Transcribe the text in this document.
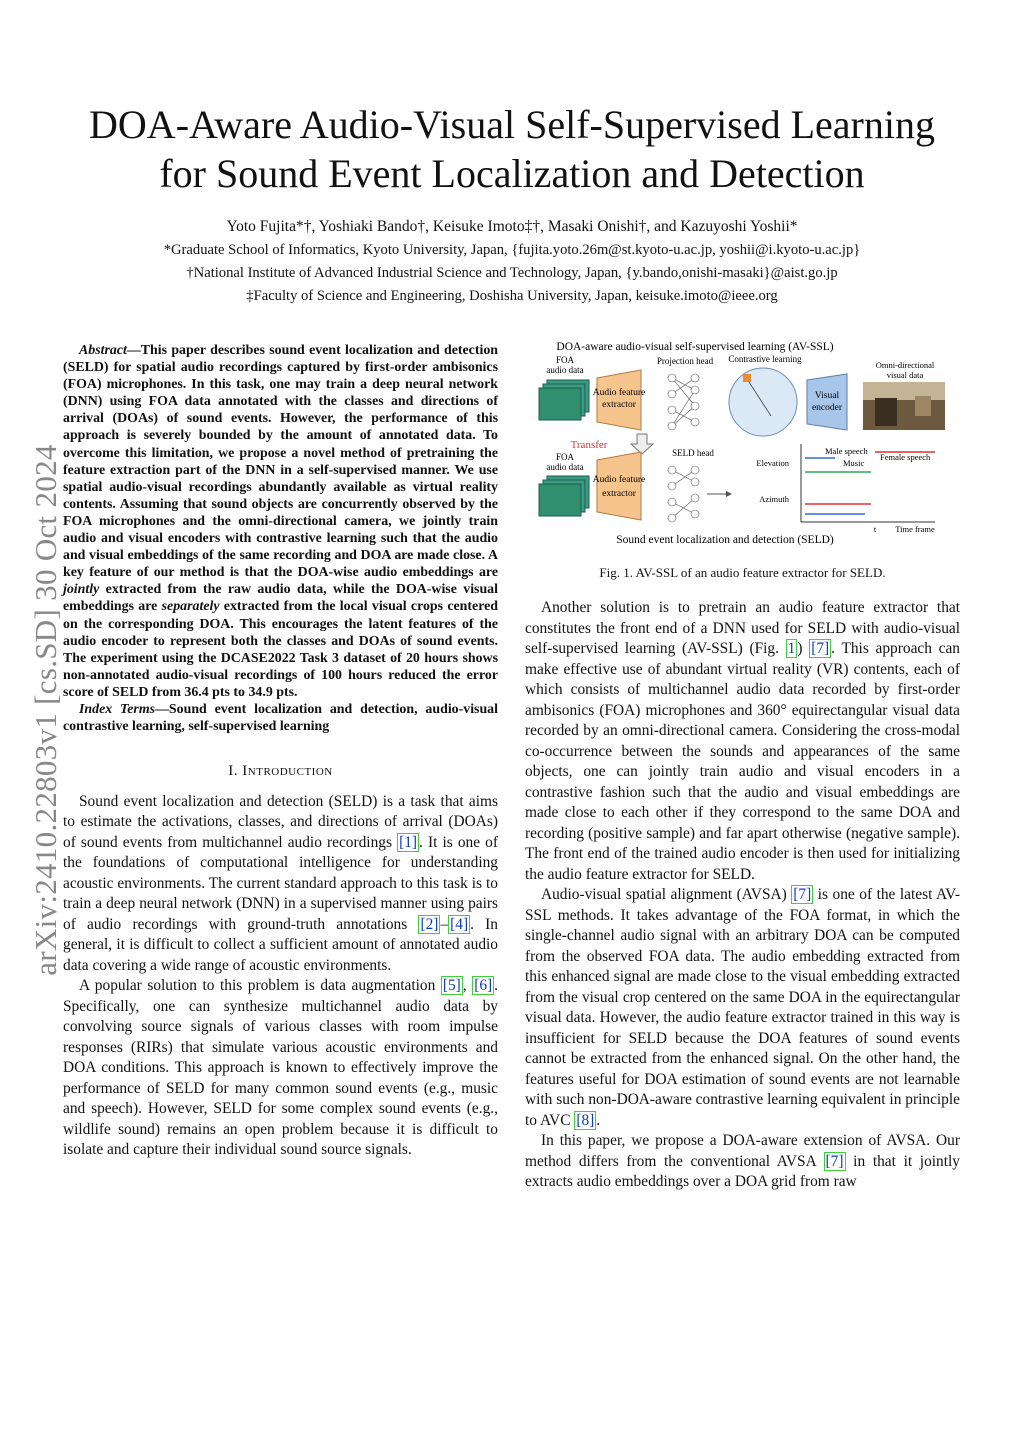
DOA-Aware Audio-Visual Self-Supervised Learning
for Sound Event Localization and Detection
Yoto Fujita*†, Yoshiaki Bando†, Keisuke Imoto‡†, Masaki Onishi†, and Kazuyoshi Yoshii*
*Graduate School of Informatics, Kyoto University, Japan, {fujita.yoto.26m@st.kyoto-u.ac.jp, yoshii@i.kyoto-u.ac.jp}
†National Institute of Advanced Industrial Science and Technology, Japan, {y.bando,onishi-masaki}@aist.go.jp
‡Faculty of Science and Engineering, Doshisha University, Japan, keisuke.imoto@ieee.org
arXiv:2410.22803v1 [cs.SD] 30 Oct 2024

Abstract—This paper describes sound event localization and detection (SELD) for spatial audio recordings captured by first-order ambisonics (FOA) microphones. In this task, one may train a deep neural network (DNN) using FOA data annotated with the classes and directions of arrival (DOAs) of sound events. However, the performance of this approach is severely bounded by the amount of annotated data. To overcome this limitation, we propose a novel method of pretraining the feature extraction part of the DNN in a self-supervised manner. We use spatial audio-visual recordings abundantly available as virtual reality contents. Assuming that sound objects are concurrently observed by the FOA microphones and the omni-directional camera, we jointly train audio and visual encoders with contrastive learning such that the audio and visual embeddings of the same recording and DOA are made close. A key feature of our method is that the DOA-wise audio embeddings are jointly extracted from the raw audio data, while the DOA-wise visual embeddings are separately extracted from the local visual crops centered on the corresponding DOA. This encourages the latent features of the audio encoder to represent both the classes and DOAs of sound events. The experiment using the DCASE2022 Task 3 dataset of 20 hours shows non-annotated audio-visual recordings of 100 hours reduced the error score of SELD from 36.4 pts to 34.9 pts.

Index Terms—Sound event localization and detection, audio-visual contrastive learning, self-supervised learning

I. Introduction

Sound event localization and detection (SELD) is a task that aims to estimate the activations, classes, and directions of arrival (DOAs) of sound events from multichannel audio recordings [1] . It is one of the foundations of computational intelligence for understanding acoustic environments. The current standard approach to this task is to train a deep neural network (DNN) in a supervised manner using pairs of audio recordings with ground-truth annotations [2] – [4] . In general, it is difficult to collect a sufficient amount of annotated audio data covering a wide range of acoustic environments.

A popular solution to this problem is data augmentation [5] , [6] . Specifically, one can synthesize multichannel audio data by convolving source signals of various classes with room impulse responses (RIRs) that simulate various acoustic environments and DOA conditions. This approach is known to effectively improve the performance of SELD for many common sound events (e.g., music and speech). However, SELD for some complex sound events (e.g., wildlife sound) remains an open problem because it is difficult to isolate and capture their individual sound source signals.

DOA-aware audio-visual self-supervised learning (AV-SSL)
FOA
audio data
Audio feature
extractor
Projection head Contrastive learning
Visual
encoder
Omni-directional
visual data
Transfer
FOA
audio data
Audio feature
extractor
SELD head
Elevation
Azimuth
Male speech
Music
Female speech
t Time frame
Sound event localization and detection (SELD)
Fig. 1. AV-SSL of an audio feature extractor for SELD.

Another solution is to pretrain an audio feature extractor that constitutes the front end of a DNN used for SELD with audio-visual self-supervised learning (AV-SSL) (Fig. 1 ) [7] . This approach can make effective use of abundant virtual reality (VR) contents, each of which consists of multichannel audio data recorded by first-order ambisonics (FOA) microphones and 360° equirectangular visual data recorded by an omni-directional camera. Considering the cross-modal co-occurrence between the sounds and appearances of the same objects, one can jointly train audio and visual encoders in a contrastive fashion such that the audio and visual embeddings are made close to each other if they correspond to the same DOA and recording (positive sample) and far apart otherwise (negative sample). The front end of the trained audio encoder is then used for initializing the audio feature extractor for SELD.

Audio-visual spatial alignment (AVSA) [7] is one of the latest AV-SSL methods. It takes advantage of the FOA format, in which the single-channel audio signal with an arbitrary DOA can be computed from the observed FOA data. The audio embedding extracted from this enhanced signal are made close to the visual embedding extracted from the visual crop centered on the same DOA in the equirectangular visual data. However, the audio feature extractor trained in this way is insufficient for SELD because the DOA features of sound events cannot be extracted from the enhanced signal. On the other hand, the features useful for DOA estimation of sound events are not learnable with such non-DOA-aware contrastive learning equivalent in principle to AVC [8] .

In this paper, we propose a DOA-aware extension of AVSA. Our method differs from the conventional AVSA [7] in that it jointly extracts audio embeddings over a DOA grid from raw
